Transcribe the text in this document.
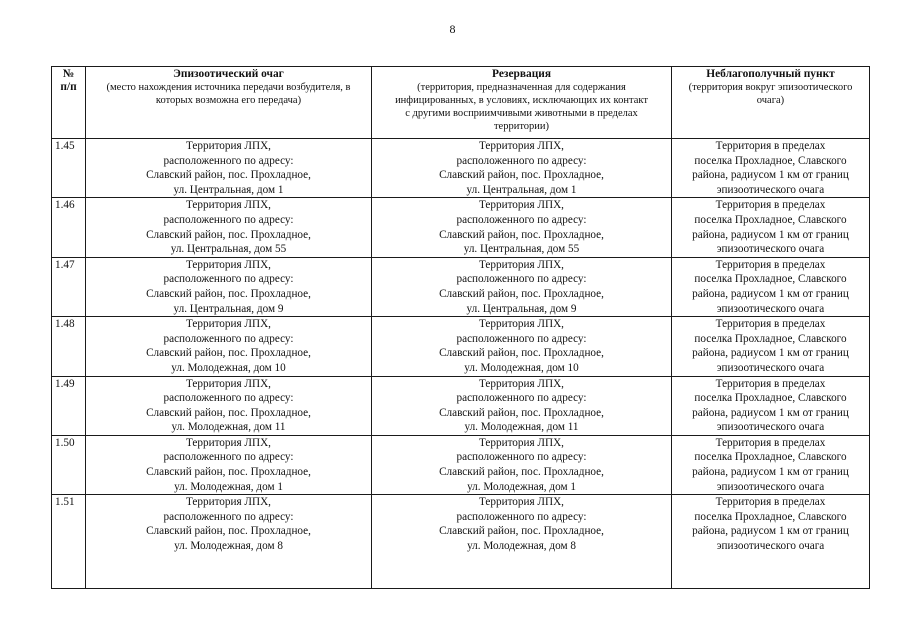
8
№
п/п	Эпизоотический очаг
(место нахождения источника передачи возбудителя, в
которых возможна его передача)	Резервация
(территория, предназначенная для содержания
инфицированных, в условиях, исключающих их контакт
с другими восприимчивыми животными в пределах
территории)	Неблагополучный пункт
(территория вокруг эпизоотического
очага)

1.45	Территория ЛПХ,
расположенного по адресу:
Славский район, пос. Прохладное,
ул. Центральная, дом 1	Территория ЛПХ,
расположенного по адресу:
Славский район, пос. Прохладное,
ул. Центральная, дом 1	Территория в пределах
поселка Прохладное, Славского
района, радиусом 1 км от границ
эпизоотического очага

1.46	Территория ЛПХ,
расположенного по адресу:
Славский район, пос. Прохладное,
ул. Центральная, дом 55	Территория ЛПХ,
расположенного по адресу:
Славский район, пос. Прохладное,
ул. Центральная, дом 55	Территория в пределах
поселка Прохладное, Славского
района, радиусом 1 км от границ
эпизоотического очага

1.47	Территория ЛПХ,
расположенного по адресу:
Славский район, пос. Прохладное,
ул. Центральная, дом 9	Территория ЛПХ,
расположенного по адресу:
Славский район, пос. Прохладное,
ул. Центральная, дом 9	Территория в пределах
поселка Прохладное, Славского
района, радиусом 1 км от границ
эпизоотического очага

1.48	Территория ЛПХ,
расположенного по адресу:
Славский район, пос. Прохладное,
ул. Молодежная, дом 10	Территория ЛПХ,
расположенного по адресу:
Славский район, пос. Прохладное,
ул. Молодежная, дом 10	Территория в пределах
поселка Прохладное, Славского
района, радиусом 1 км от границ
эпизоотического очага

1.49	Территория ЛПХ,
расположенного по адресу:
Славский район, пос. Прохладное,
ул. Молодежная, дом 11	Территория ЛПХ,
расположенного по адресу:
Славский район, пос. Прохладное,
ул. Молодежная, дом 11	Территория в пределах
поселка Прохладное, Славского
района, радиусом 1 км от границ
эпизоотического очага

1.50	Территория ЛПХ,
расположенного по адресу:
Славский район, пос. Прохладное,
ул. Молодежная, дом 1	Территория ЛПХ,
расположенного по адресу:
Славский район, пос. Прохладное,
ул. Молодежная, дом 1	Территория в пределах
поселка Прохладное, Славского
района, радиусом 1 км от границ
эпизоотического очага

1.51	Территория ЛПХ,
расположенного по адресу:
Славский район, пос. Прохладное,
ул. Молодежная, дом 8	Территория ЛПХ,
расположенного по адресу:
Славский район, пос. Прохладное,
ул. Молодежная, дом 8	Территория в пределах
поселка Прохладное, Славского
района, радиусом 1 км от границ
эпизоотического очага
